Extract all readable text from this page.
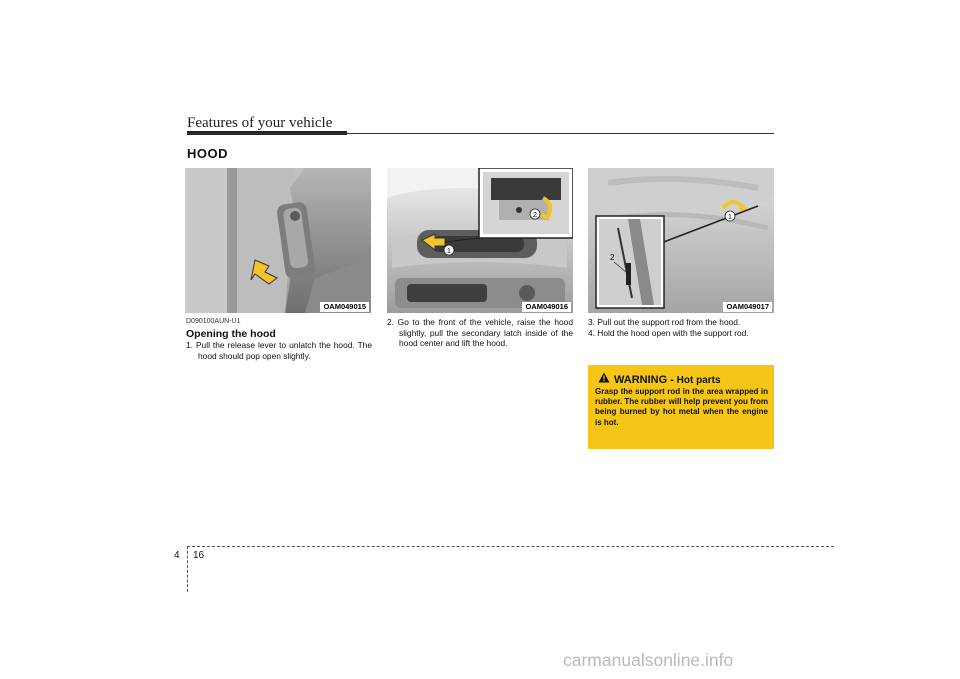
Features of your vehicle
HOOD
OAM049015
1
2
OAM049016
1
2
OAM049017
D090100AUN-U1
Opening the hood

1. Pull the release lever to unlatch the hood. The hood should pop open slightly.

2. Go to the front of the vehicle, raise the hood slightly, pull the secondary latch inside of the hood center and lift the hood.

3. Pull out the support rod from the hood.

4. Hold the hood open with the support rod.

WARNING - Hot parts
Grasp the support rod in the area wrapped in rubber. The rubber will help prevent you from being burned by hot metal when the engine is hot.
4 16
carmanualsonline.info
